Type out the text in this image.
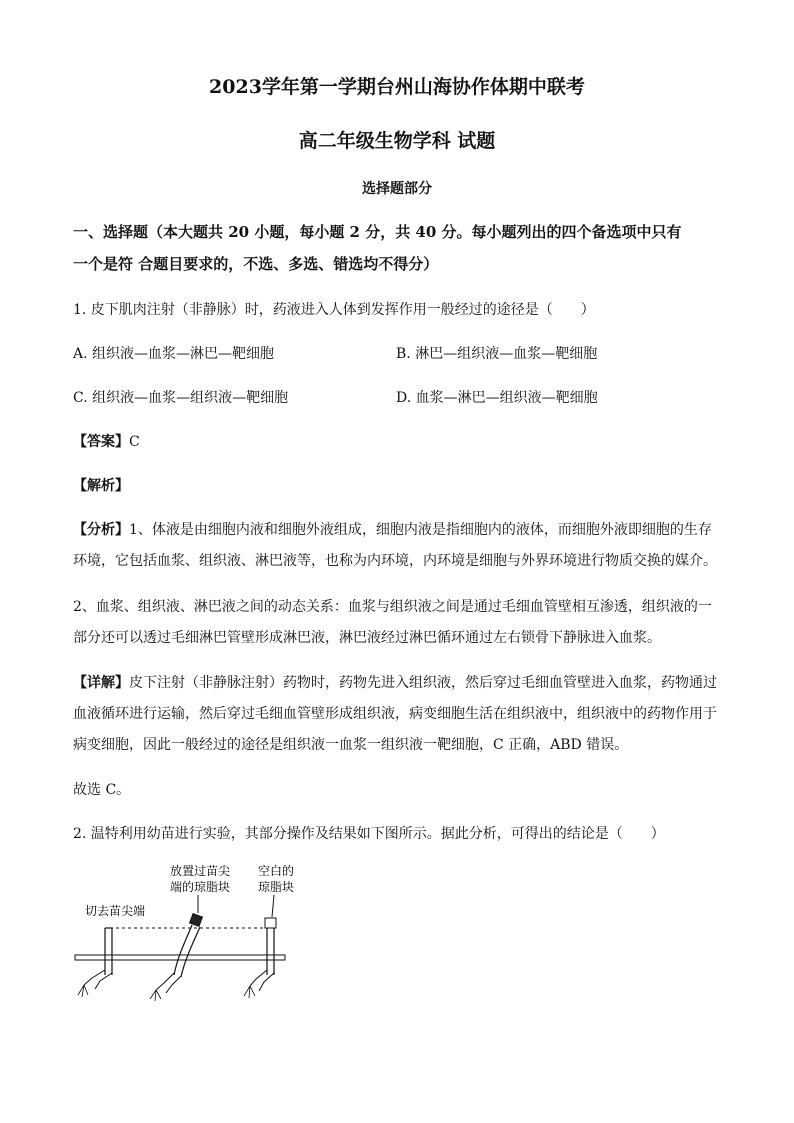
2023学年第一学期台州山海协作体期中联考
高二年级生物学科 试题
选择题部分
一、选择题（本大题共 20 小题，每小题 2 分，共 40 分。每小题列出的四个备选项中只有
一个是符 合题目要求的，不选、多选、错选均不得分）
1. 皮下肌肉注射（非静脉）时，药液进入人体到发挥作用一般经过的途径是（　　）
A. 组织液—血浆—淋巴—靶细胞	B. 淋巴—组织液—血浆—靶细胞
C. 组织液—血浆—组织液—靶细胞	D. 血浆—淋巴—组织液—靶细胞
【答案】C
【解析】
【分析】1、体液是由细胞内液和细胞外液组成，细胞内液是指细胞内的液体，而细胞外液即细胞的生存
环境，它包括血浆、组织液、淋巴液等，也称为内环境，内环境是细胞与外界环境进行物质交换的媒介。
2、血浆、组织液、淋巴液之间的动态关系：血浆与组织液之间是通过毛细血管壁相互渗透，组织液的一
部分还可以透过毛细淋巴管壁形成淋巴液，淋巴液经过淋巴循环通过左右锁骨下静脉进入血浆。
【详解】皮下注射（非静脉注射）药物时，药物先进入组织液，然后穿过毛细血管壁进入血浆，药物通过
血液循环进行运输，然后穿过毛细血管壁形成组织液，病变细胞生活在组织液中，组织液中的药物作用于
病变细胞，因此一般经过的途径是组织液一血浆一组织液一靶细胞，C 正确，ABD 错误。
故选 C。
2. 温特利用幼苗进行实验，其部分操作及结果如下图所示。据此分析，可得出的结论是（　　）
切去苗尖端
放置过苗尖
端的琼脂块
空白的
琼脂块
